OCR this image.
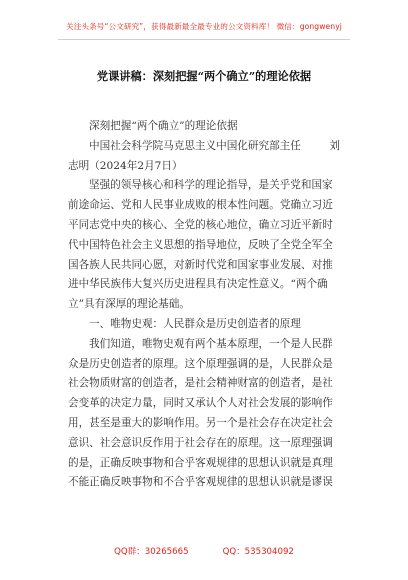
关注头条号“公文研究”，获得最新最全最专业的公文资料库！ 微信：gongwenyj
党课讲稿：深刻把握“两个确立”的理论依据

深刻把握“两个确立”的理论依据

中国社会科学院马克思主义中国化研究部主任	刘

志明（2024年2月7日）

坚强的领导核心和科学的理论指导，是关乎党和国家

前途命运、党和人民事业成败的根本性问题。党确立习近

平同志党中央的核心、全党的核心地位，确立习近平新时

代中国特色社会主义思想的指导地位，反映了全党全军全

国各族人民共同心愿，对新时代党和国家事业发展、对推

进中华民族伟大复兴历史进程具有决定性意义。“两个确

立”具有深厚的理论基础。

一、唯物史观：人民群众是历史创造者的原理

我们知道，唯物史观有两个基本原理，一个是人民群

众是历史创造者的原理。这个原理强调的是，人民群众是

社会物质财富的创造者，是社会精神财富的创造者，是社

会变革的决定力量，同时又承认个人对社会发展的影响作

用，甚至是重大的影响作用。另一个是社会存在决定社会

意识、社会意识反作用于社会存在的原理。这一原理强调

的是，正确反映事物和合乎客观规律的思想认识就是真理

不能正确反映事物和不合乎客观规律的思想认识就是谬误

QQ群：30265665	QQ：535304092
